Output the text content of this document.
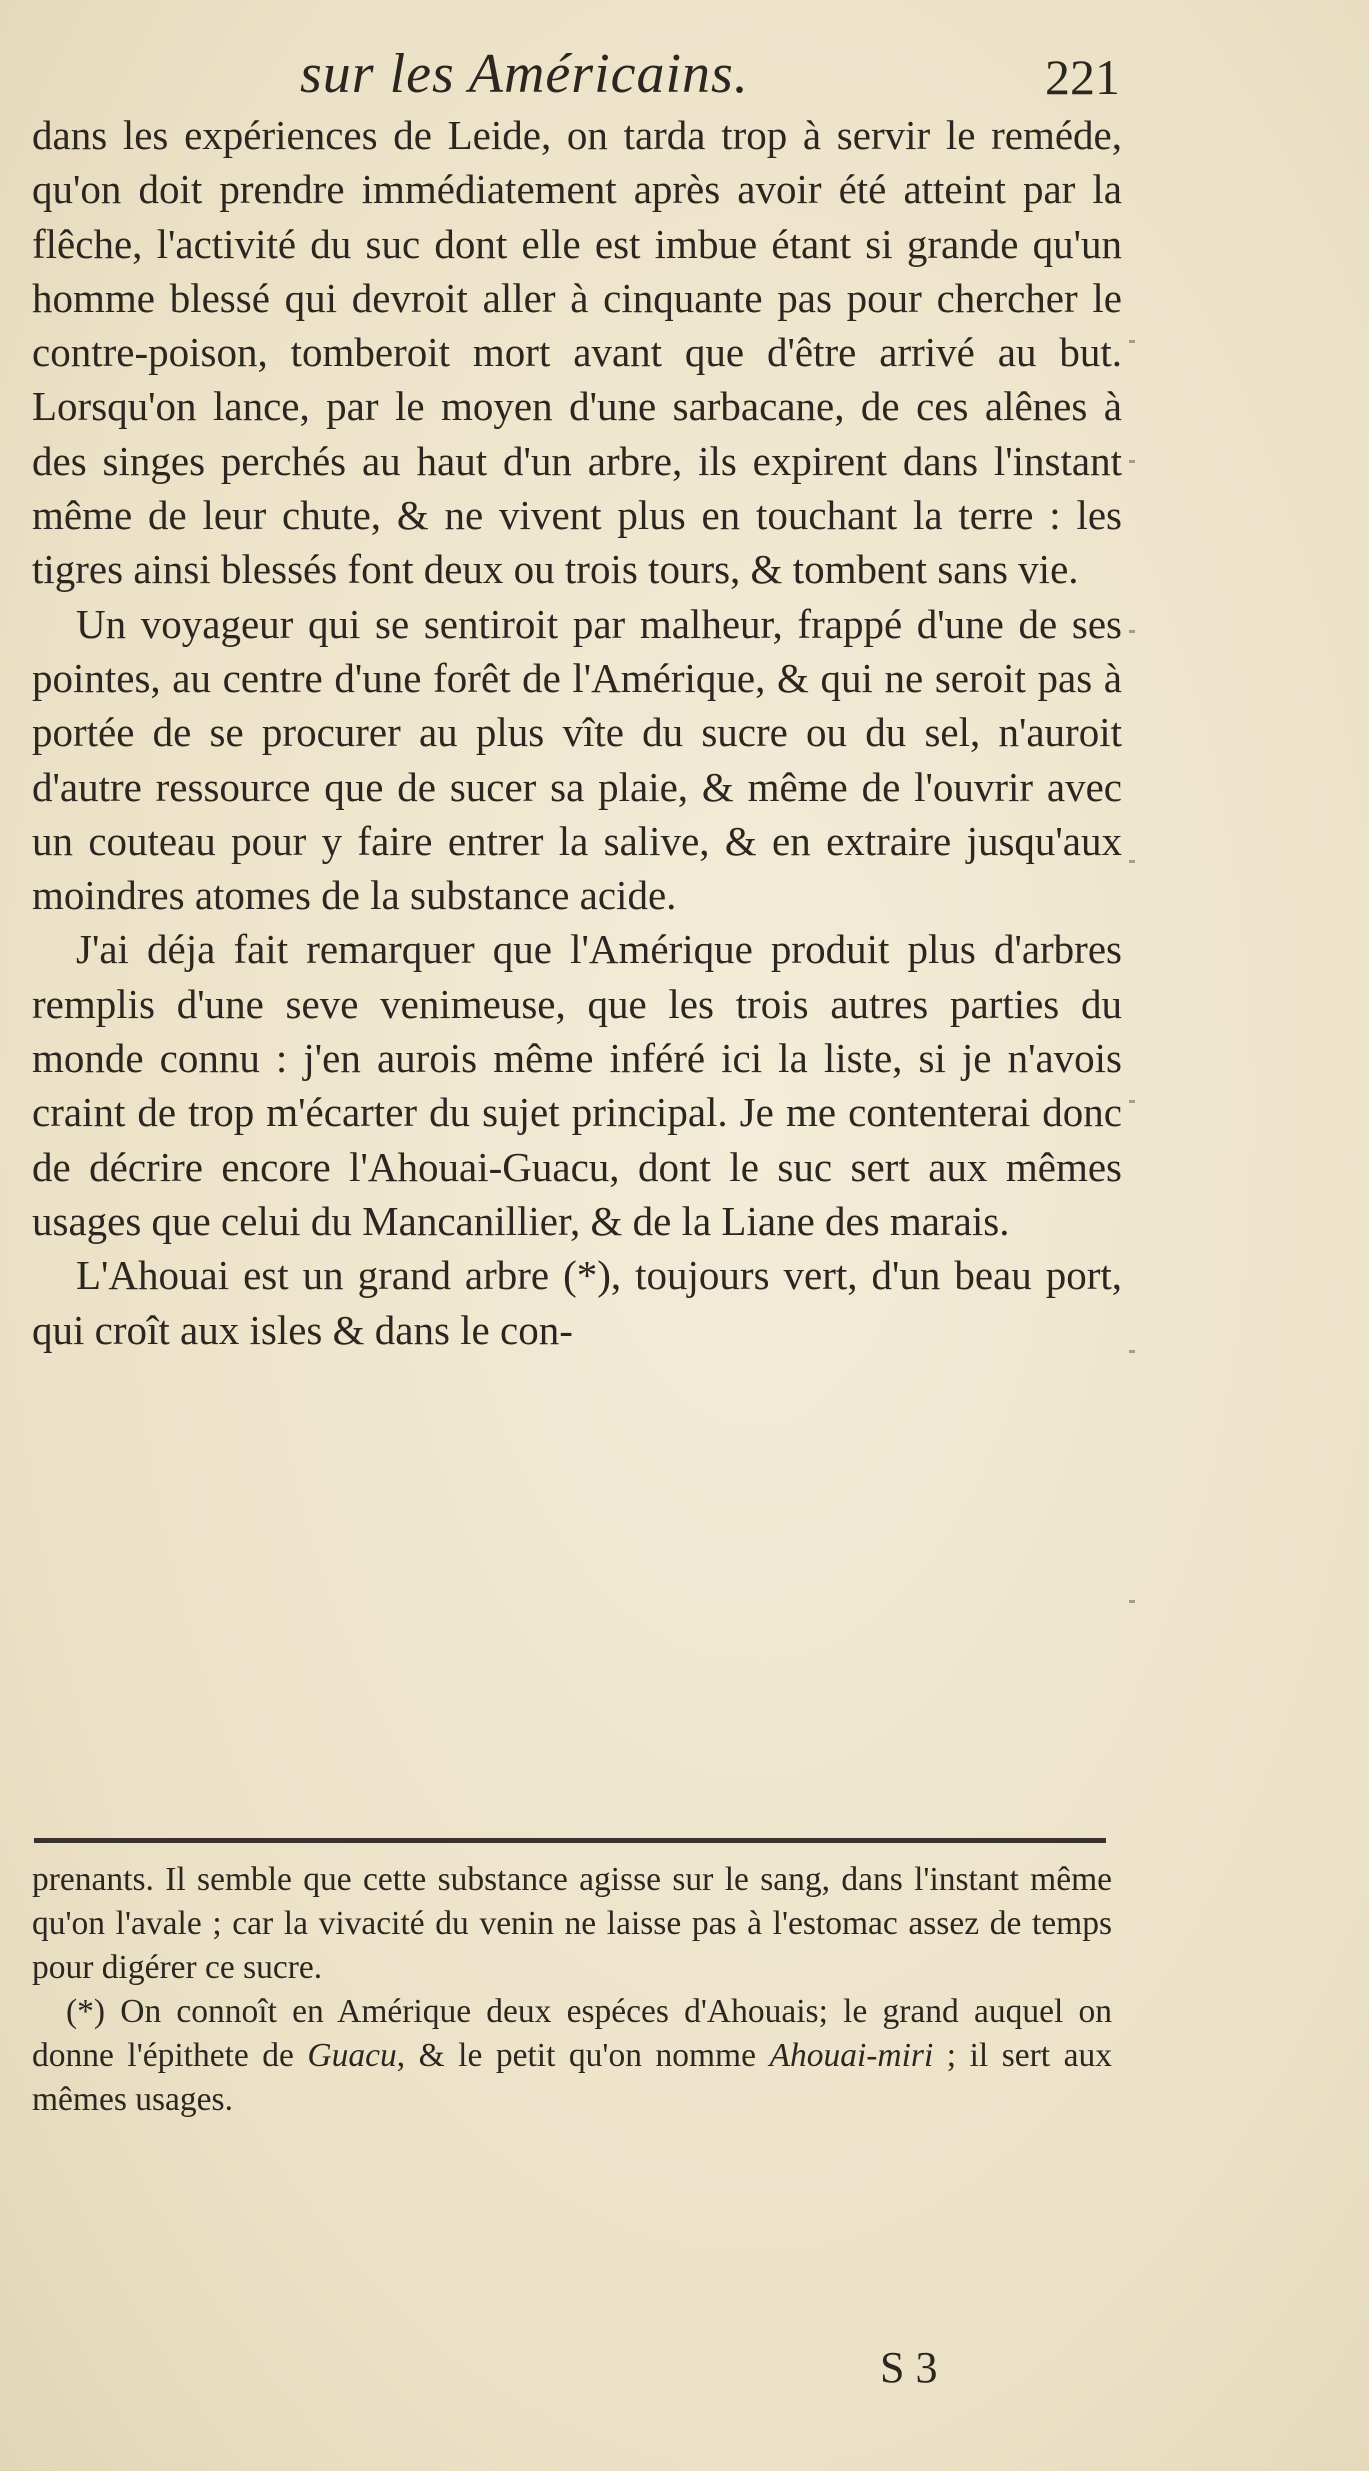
sur les Américains.	221

dans les expériences de Leide, on tarda trop à servir le reméde, qu'on doit prendre immédiatement après avoir été atteint par la flêche, l'activité du suc dont elle est imbue étant si grande qu'un homme blessé qui devroit aller à cinquante pas pour chercher le contre-poison, tomberoit mort avant que d'être arrivé au but. Lorsqu'on lance, par le moyen d'une sarbacane, de ces alênes à des singes perchés au haut d'un arbre, ils expirent dans l'instant même de leur chute, & ne vivent plus en touchant la terre : les tigres ainsi blessés font deux ou trois tours, & tombent sans vie.

Un voyageur qui se sentiroit par malheur, frappé d'une de ses pointes, au centre d'une forêt de l'Amérique, & qui ne seroit pas à portée de se procurer au plus vîte du sucre ou du sel, n'auroit d'autre ressource que de sucer sa plaie, & même de l'ouvrir avec un couteau pour y faire entrer la salive, & en extraire jusqu'aux moindres atomes de la substance acide.

J'ai déja fait remarquer que l'Amérique produit plus d'arbres remplis d'une seve venimeuse, que les trois autres parties du monde connu : j'en aurois même inféré ici la liste, si je n'avois craint de trop m'écarter du sujet principal. Je me contenterai donc de décrire encore l'Ahouai-Guacu, dont le suc sert aux mêmes usages que celui du Mancanillier, & de la Liane des marais.

L'Ahouai est un grand arbre (*), toujours vert, d'un beau port, qui croît aux isles & dans le con-

prenants. Il semble que cette substance agisse sur le sang, dans l'instant même qu'on l'avale ; car la vivacité du venin ne laisse pas à l'estomac assez de temps pour digérer ce sucre.

(*) On connoît en Amérique deux espéces d'Ahouais; le grand auquel on donne l'épithete de Guacu, & le petit qu'on nomme Ahouai-miri ; il sert aux mêmes usages.

S 3
